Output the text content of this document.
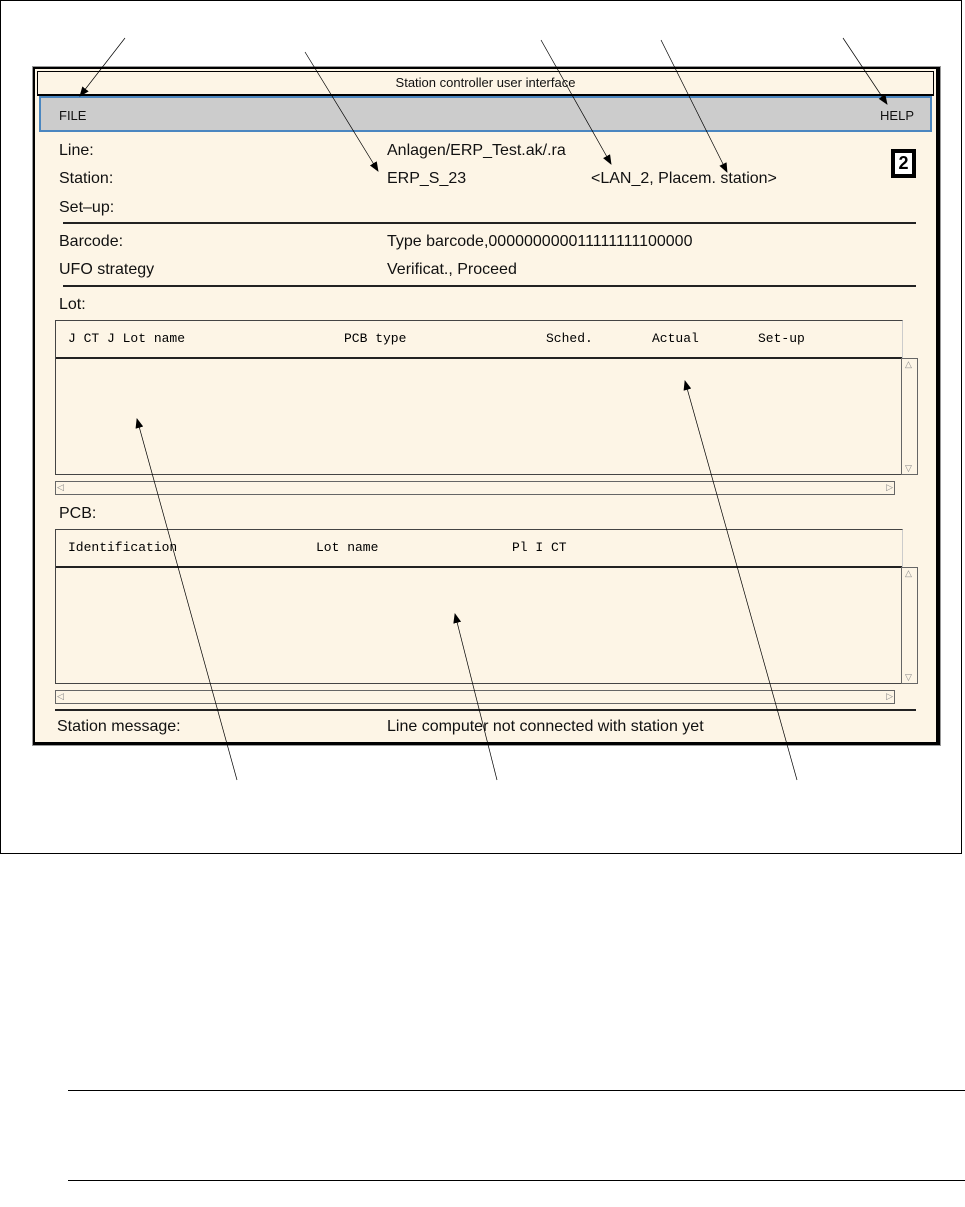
Station controller user interface
FILE	HELP
2
Line:	Anlagen/ERP_Test.ak/.ra
Station:	ERP_S_23	<LAN_2, Placem. station>
Set–up:
Barcode:	Type barcode,000000000011111111100000
UFO strategy	Verificat., Proceed
Lot:
J CT J Lot name	PCB type	Sched.	Actual	Set-up
△
▽
◁	▷
PCB:
Identification	Lot name	Pl I CT
△
▽
◁	▷
Station message:	Line computer not connected with station yet
